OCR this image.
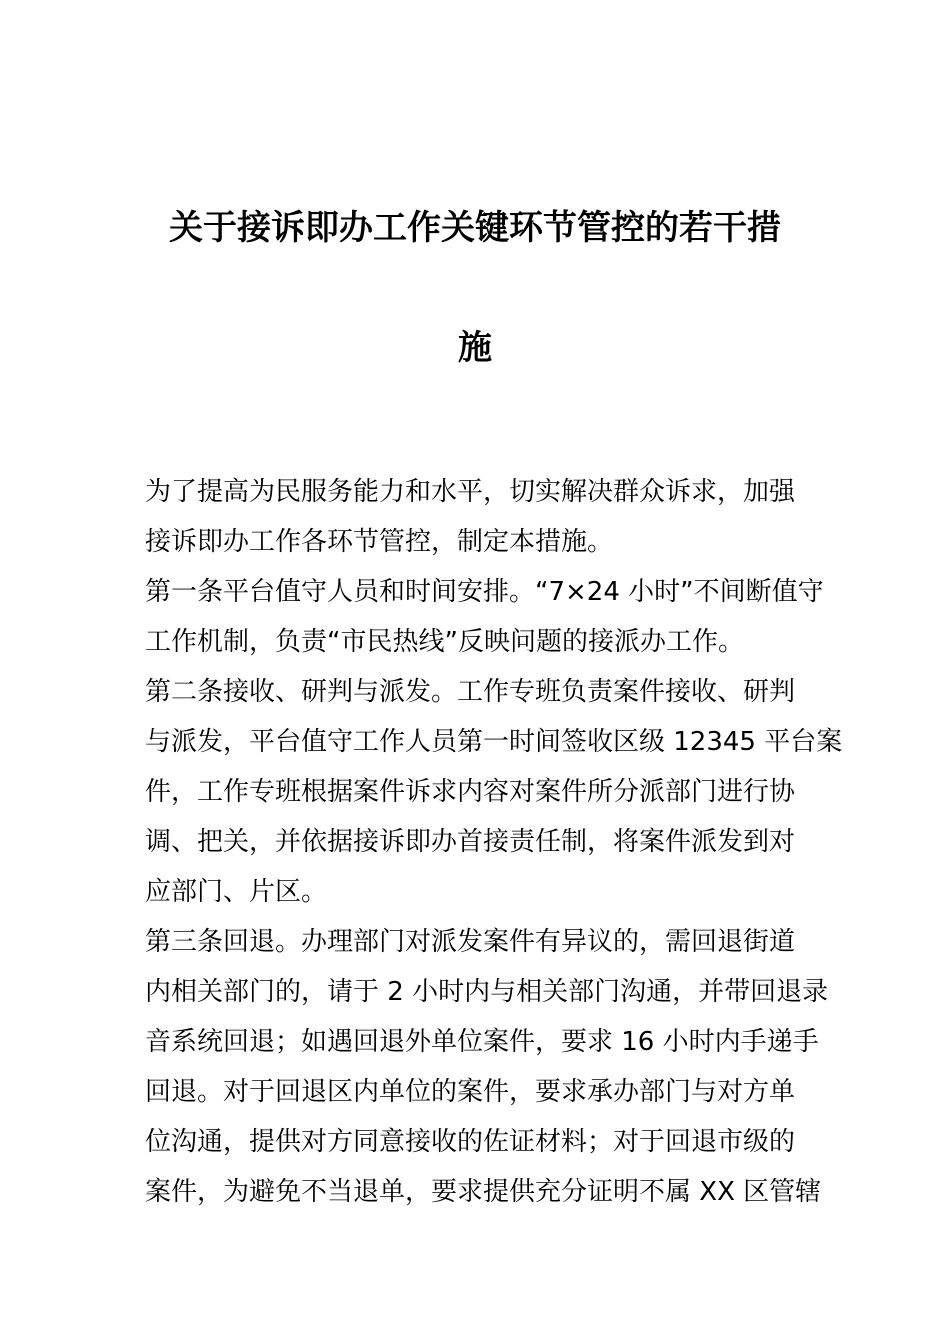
关于接诉即办工作关键环节管控的若干措
施
为了提高为民服务能力和水平，切实解决群众诉求，加强
接诉即办工作各环节管控，制定本措施。
第一条平台值守人员和时间安排。“7×24 小时”不间断值守
工作机制，负责“市民热线”反映问题的接派办工作。
第二条接收、研判与派发。工作专班负责案件接收、研判
与派发，平台值守工作人员第一时间签收区级 12345 平台案
件，工作专班根据案件诉求内容对案件所分派部门进行协
调、把关，并依据接诉即办首接责任制，将案件派发到对
应部门、片区。
第三条回退。办理部门对派发案件有异议的，需回退街道
内相关部门的，请于 2 小时内与相关部门沟通，并带回退录
音系统回退；如遇回退外单位案件，要求 16 小时内手递手
回退。对于回退区内单位的案件，要求承办部门与对方单
位沟通，提供对方同意接收的佐证材料；对于回退市级的
案件，为避免不当退单，要求提供充分证明不属 XX 区管辖
